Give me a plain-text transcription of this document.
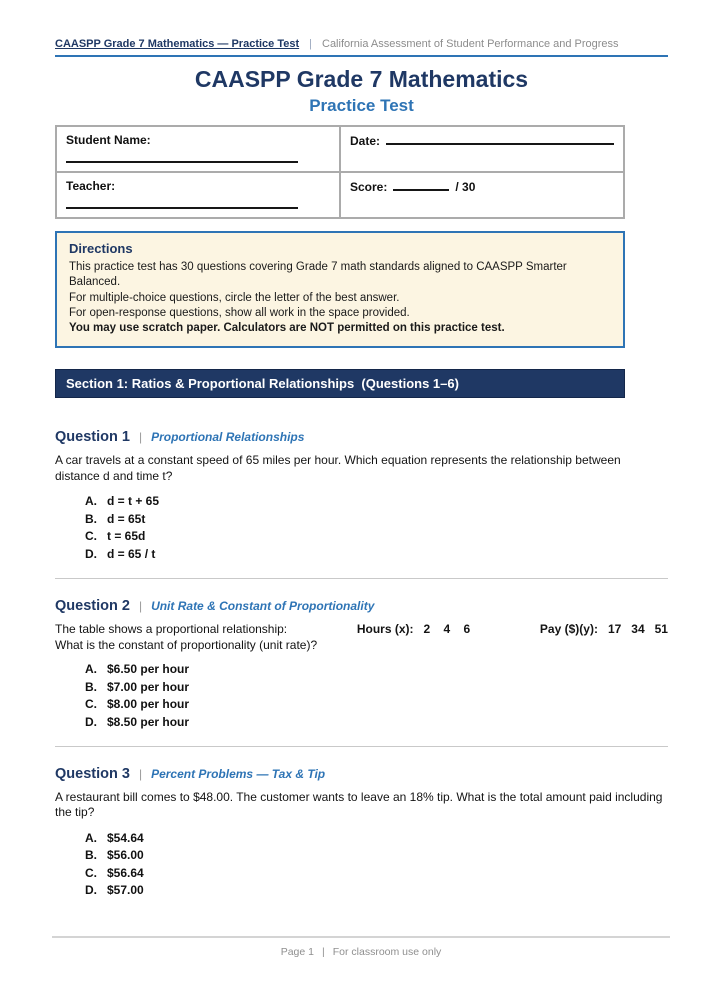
CAASPP Grade 7 Mathematics — Practice Test | California Assessment of Student Performance and Progress
CAASPP Grade 7 Mathematics
Practice Test
Student Name:	Date:

Teacher:	Score: / 30
Directions

This practice test has 30 questions covering Grade 7 math standards aligned to CAASPP Smarter Balanced.

For multiple-choice questions, circle the letter of the best answer.

For open-response questions, show all work in the space provided.

You may use scratch paper. Calculators are NOT permitted on this practice test.

Section 1: Ratios & Proportional Relationships  (Questions 1–6)
Question 1 | Proportional Relationships
A car travels at a constant speed of 65 miles per hour. Which equation represents the relationship between distance d and time t?
A. d = t + 65
B. d = 65t
C. t = 65d
D. d = 65 / t
Question 2 | Unit Rate & Constant of Proportionality
The table shows a proportional relationship:	Hours (x):   2    4    6	Pay ($)(y):   17   34   51
What is the constant of proportionality (unit rate)?
A. $6.50 per hour
B. $7.00 per hour
C. $8.00 per hour
D. $8.50 per hour
Question 3 | Percent Problems — Tax & Tip
A restaurant bill comes to $48.00. The customer wants to leave an 18% tip. What is the total amount paid including the tip?
A. $54.64
B. $56.00
C. $56.64
D. $57.00
Page 1 | For classroom use only
